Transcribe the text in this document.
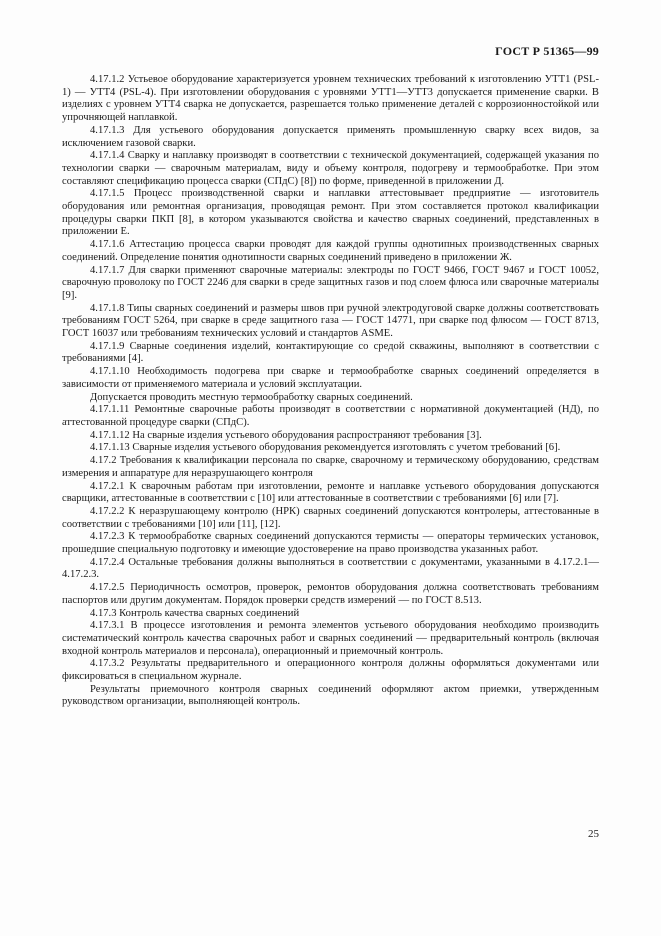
ГОСТ Р 51365—99

4.17.1.2 Устьевое оборудование характеризуется уровнем технических требований к изготовлению УТТ1 (PSL-1) — УТТ4 (PSL-4). При изготовлении оборудования с уровнями УТТ1—УТТ3 допускается применение сварки. В изделиях с уровнем УТТ4 сварка не допускается, разрешается только применение деталей с коррозионностойкой или упрочняющей наплавкой.

4.17.1.3 Для устьевого оборудования допускается применять промышленную сварку всех видов, за исключением газовой сварки.

4.17.1.4 Сварку и наплавку производят в соответствии с технической документацией, содержащей указания по технологии сварки — сварочным материалам, виду и объему контроля, подогреву и термообработке. При этом составляют спецификацию процесса сварки (СПдС) [8]) по форме, приведенной в приложении Д.

4.17.1.5 Процесс производственной сварки и наплавки аттестовывает предприятие — изготовитель оборудования или ремонтная организация, проводящая ремонт. При этом составляется протокол квалификации процедуры сварки ПКП [8], в котором указываются свойства и качество сварных соединений, представленных в приложении Е.

4.17.1.6 Аттестацию процесса сварки проводят для каждой группы однотипных производственных сварных соединений. Определение понятия однотипности сварных соединений приведено в приложении Ж.

4.17.1.7 Для сварки применяют сварочные материалы: электроды по ГОСТ 9466, ГОСТ 9467 и ГОСТ 10052, сварочную проволоку по ГОСТ 2246 для сварки в среде защитных газов и под слоем флюса или сварочные материалы [9].

4.17.1.8 Типы сварных соединений и размеры швов при ручной электродуговой сварке должны соответствовать требованиям ГОСТ 5264, при сварке в среде защитного газа — ГОСТ 14771, при сварке под флюсом — ГОСТ 8713, ГОСТ 16037 или требованиям технических условий и стандартов ASME.

4.17.1.9 Сварные соединения изделий, контактирующие со средой скважины, выполняют в соответствии с требованиями [4].

4.17.1.10 Необходимость подогрева при сварке и термообработке сварных соединений определяется в зависимости от применяемого материала и условий эксплуатации.

Допускается проводить местную термообработку сварных соединений.

4.17.1.11 Ремонтные сварочные работы производят в соответствии с нормативной документацией (НД), по аттестованной процедуре сварки (СПдС).

4.17.1.12 На сварные изделия устьевого оборудования распространяют требования [3].

4.17.1.13 Сварные изделия устьевого оборудования рекомендуется изготовлять с учетом требований [6].

4.17.2 Требования к квалификации персонала по сварке, сварочному и термическому оборудованию, средствам измерения и аппаратуре для неразрушающего контроля

4.17.2.1 К сварочным работам при изготовлении, ремонте и наплавке устьевого оборудования допускаются сварщики, аттестованные в соответствии с [10] или аттестованные в соответствии с требованиями [6] или [7].

4.17.2.2 К неразрушающему контролю (НРК) сварных соединений допускаются контролеры, аттестованные в соответствии с требованиями [10] или [11], [12].

4.17.2.3 К термообработке сварных соединений допускаются термисты — операторы термических установок, прошедшие специальную подготовку и имеющие удостоверение на право производства указанных работ.

4.17.2.4 Остальные требования должны выполняться в соответствии с документами, указанными в 4.17.2.1—4.17.2.3.

4.17.2.5 Периодичность осмотров, проверок, ремонтов оборудования должна соответствовать требованиям паспортов или другим документам. Порядок проверки средств измерений — по ГОСТ 8.513.

4.17.3 Контроль качества сварных соединений

4.17.3.1 В процессе изготовления и ремонта элементов устьевого оборудования необходимо производить систематический контроль качества сварочных работ и сварных соединений — предварительный контроль (включая входной контроль материалов и персонала), операционный и приемочный контроль.

4.17.3.2 Результаты предварительного и операционного контроля должны оформляться документами или фиксироваться в специальном журнале.

Результаты приемочного контроля сварных соединений оформляют актом приемки, утвержденным руководством организации, выполняющей контроль.

25
